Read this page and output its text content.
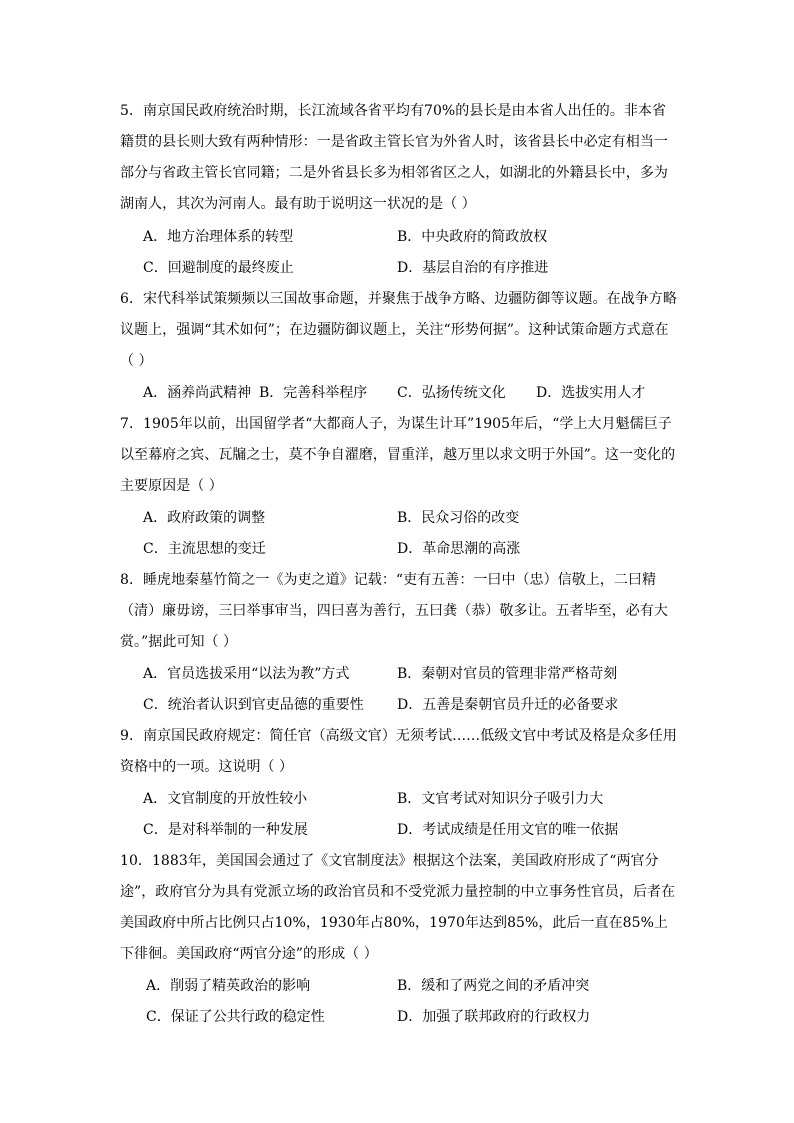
5．南京国民政府统治时期，长江流域各省平均有70%的县长是由本省人出任的。非本省籍贯的县长则大致有两种情形：一是省政主管长官为外省人时，该省县长中必定有相当一部分与省政主管长官同籍；二是外省县长多为相邻省区之人，如湖北的外籍县长中，多为湖南人，其次为河南人。最有助于说明这一状况的是（ ）
A．地方治理体系的转型	B．中央政府的简政放权
C．回避制度的最终废止	D．基层自治的有序推进
6．宋代科举试策频频以三国故事命题，并聚焦于战争方略、边疆防御等议题。在战争方略议题上，强调“其术如何”；在边疆防御议题上，关注“形势何据”。这种试策命题方式意在（ ）
A．涵养尚武精神 B．完善科举程序 C．弘扬传统文化 D．选拔实用人才
7．1905年以前，出国留学者“大都商人子，为谋生计耳”1905年后，“学上大月魁儒巨子以至幕府之宾、瓦牖之士，莫不争自濯磨，冒重洋，越万里以求文明于外国”。这一变化的主要原因是（ ）
A．政府政策的调整	B．民众习俗的改变
C．主流思想的变迁	D．革命思潮的高涨
8．睡虎地秦墓竹简之一《为吏之道》记载：“吏有五善：一曰中（忠）信敬上，二曰精（清）廉毋谤，三曰举事审当，四曰喜为善行，五曰龚（恭）敬多让。五者毕至，必有大赏。”据此可知（ ）
A．官员选拔采用“以法为教”方式	B．秦朝对官员的管理非常严格苛刻
C．统治者认识到官吏品德的重要性 D．五善是秦朝官员升迁的必备要求
9．南京国民政府规定：简任官（高级文官）无须考试……低级文官中考试及格是众多任用资格中的一项。这说明（ ）
A．文官制度的开放性较小	B．文官考试对知识分子吸引力大
C．是对科举制的一种发展	D．考试成绩是任用文官的唯一依据
10．1883年，美国国会通过了《文官制度法》根据这个法案，美国政府形成了“两官分途”，政府官分为具有党派立场的政治官员和不受党派力量控制的中立事务性官员，后者在美国政府中所占比例只占10%，1930年占80%，1970年达到85%，此后一直在85%上下徘徊。美国政府“两官分途”的形成（ ）
A．削弱了精英政治的影响	B．缓和了两党之间的矛盾冲突
C．保证了公共行政的稳定性	D．加强了联邦政府的行政权力
